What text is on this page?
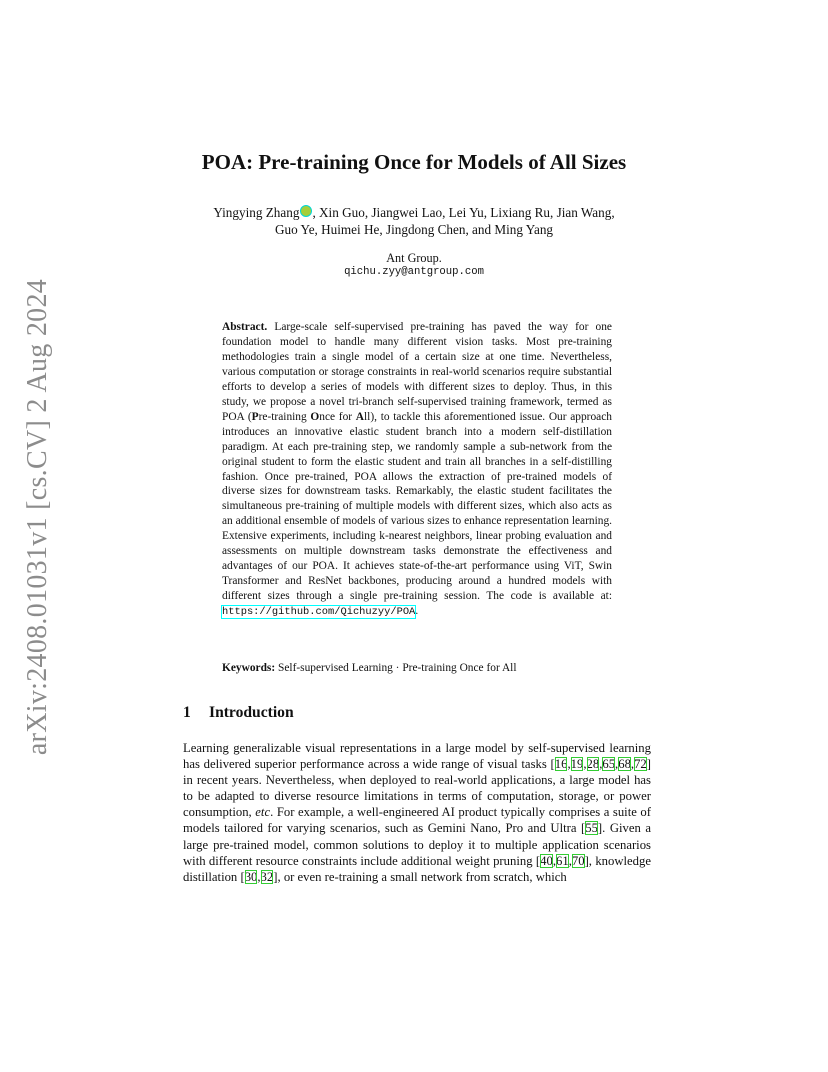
arXiv:2408.01031v1 [cs.CV] 2 Aug 2024
POA: Pre-training Once for Models of All Sizes
Yingying Zhang , Xin Guo, Jiangwei Lao, Lei Yu, Lixiang Ru, Jian Wang,
Guo Ye, Huimei He, Jingdong Chen, and Ming Yang
Ant Group.
qichu.zyy@antgroup.com
Abstract. Large-scale self-supervised pre-training has paved the way for one foundation model to handle many different vision tasks. Most pre-training methodologies train a single model of a certain size at one time. Nevertheless, various computation or storage constraints in real-world scenarios require substantial efforts to develop a series of models with different sizes to deploy. Thus, in this study, we propose a novel tri-branch self-supervised training framework, termed as POA (Pre-training Once for All), to tackle this aforementioned issue. Our approach introduces an innovative elastic student branch into a modern self-distillation paradigm. At each pre-training step, we randomly sample a sub-network from the original student to form the elastic student and train all branches in a self-distilling fashion. Once pre-trained, POA allows the extraction of pre-trained models of diverse sizes for downstream tasks. Remarkably, the elastic student facilitates the simultaneous pre-training of multiple models with different sizes, which also acts as an additional ensemble of models of various sizes to enhance representation learning. Extensive experiments, including k-nearest neighbors, linear probing evaluation and assessments on multiple downstream tasks demonstrate the effectiveness and advantages of our POA. It achieves state-of-the-art performance using ViT, Swin Transformer and ResNet backbones, producing around a hundred models with different sizes through a single pre-training session. The code is available at: https://github.com/Qichuzyy/POA.
Keywords: Self-supervised Learning · Pre-training Once for All
1 Introduction
Learning generalizable visual representations in a large model by self-supervised learning has delivered superior performance across a wide range of visual tasks [16,19,28,65,68,72] in recent years. Nevertheless, when deployed to real-world applications, a large model has to be adapted to diverse resource limitations in terms of computation, storage, or power consumption, etc. For example, a well-engineered AI product typically comprises a suite of models tailored for varying scenarios, such as Gemini Nano, Pro and Ultra [55]. Given a large pre-trained model, common solutions to deploy it to multiple application scenarios with different resource constraints include additional weight pruning [40,61,70], knowledge distillation [30,32], or even re-training a small network from scratch, which
